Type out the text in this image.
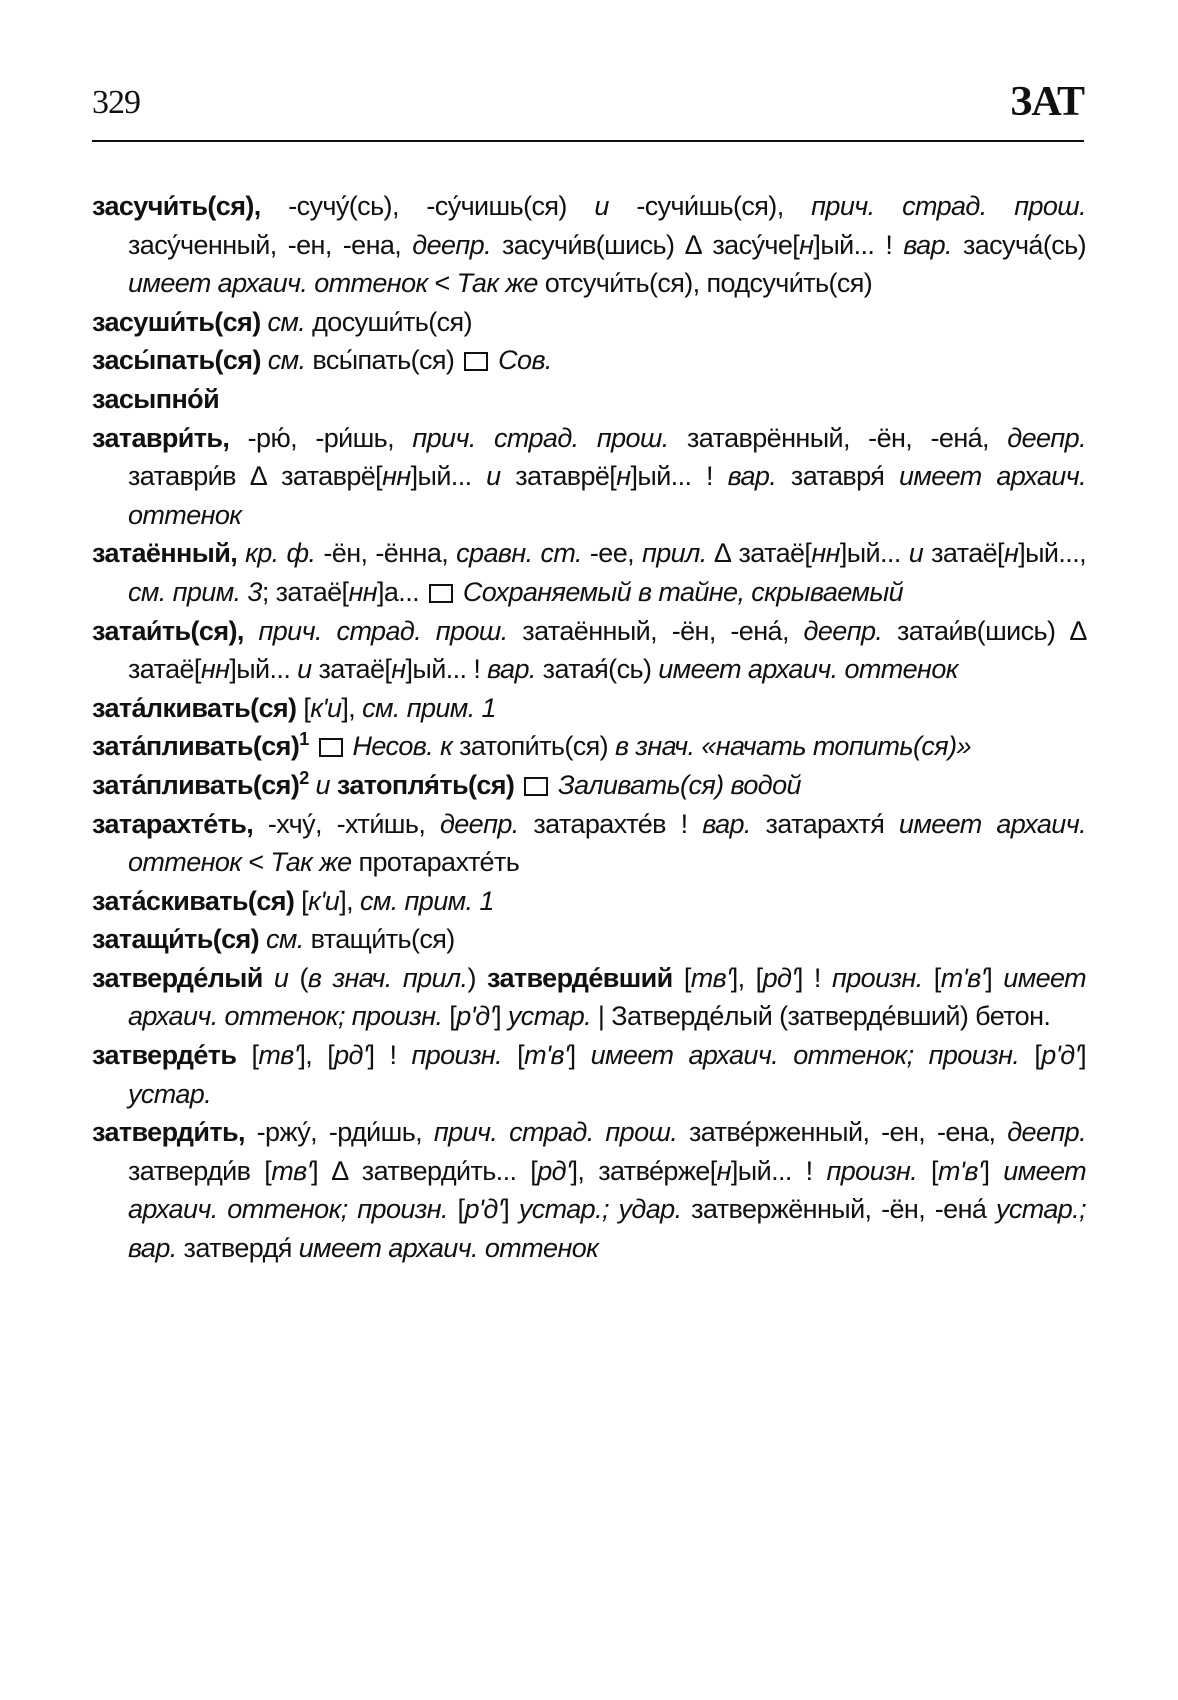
329	ЗАТ

засучи́ть(ся), -сучу́(сь), -су́чишь(ся) и -сучи́шь(ся), прич. страд. прош. засу́ченный, -ен, -ена, деепр. засучи́в(шись) ∆ засу́че[н]ый... ! вар. засуча́(сь) имеет архаич. оттенок < Так же отсучи́ть(ся), подсучи́ть(ся)

засуши́ть(ся) см. досуши́ть(ся)

засы́пать(ся) см. всы́пать(ся)  Сов.

засыпно́й

затаври́ть, -рю́, -ри́шь, прич. страд. прош. затаврённый, -ён, -ена́, деепр. затаври́в ∆ затаврё[нн]ый... и затаврё[н]ый... ! вар. затавря́ имеет архаич. оттенок

затаённый, кр. ф. -ён, -ённа, сравн. ст. -ее, прил. ∆ затаё[нн]ый... и затаё[н]ый..., см. прим. 3; затаё[нн]а...  Сохраняемый в тайне, скрываемый

затаи́ть(ся), прич. страд. прош. затаённый, -ён, -ена́, деепр. затаи́в(шись) ∆ затаё[нн]ый... и затаё[н]ый... ! вар. затая́(сь) имеет архаич. оттенок

зата́лкивать(ся) [кʹи], см. прим. 1

зата́пливать(ся)$^1$ Несов. к затопи́ть(ся) в знач. «начать топить(ся)»

зата́пливать(ся)$^2$ и затопля́ть(ся) Заливать(ся) водой

затарахте́ть, -хчу́, -хти́шь, деепр. затарахте́в ! вар. затарахтя́ имеет архаич. оттенок < Так же протарахте́ть

зата́скивать(ся) [кʹи], см. прим. 1

затащи́ть(ся) см. втащи́ть(ся)

затверде́лый и (в знач. прил.) затверде́вший [твʹ], [рдʹ] ! произн. [тʹвʹ] имеет архаич. оттенок; произн. [рʹдʹ] устар. | Затверде́лый (затверде́вший) бетон.

затверде́ть [твʹ], [рдʹ] ! произн. [тʹвʹ] имеет архаич. оттенок; произн. [рʹдʹ] устар.

затверди́ть, -ржу́, -рди́шь, прич. страд. прош. затве́рженный, -ен, -ена, деепр. затверди́в [твʹ] ∆ затверди́ть... [рдʹ], затве́рже[н]ый... ! произн. [тʹвʹ] имеет архаич. оттенок; произн. [рʹдʹ] устар.; удар. затвержённый, -ён, -ена́ устар.; вар. затвердя́ имеет архаич. оттенок
